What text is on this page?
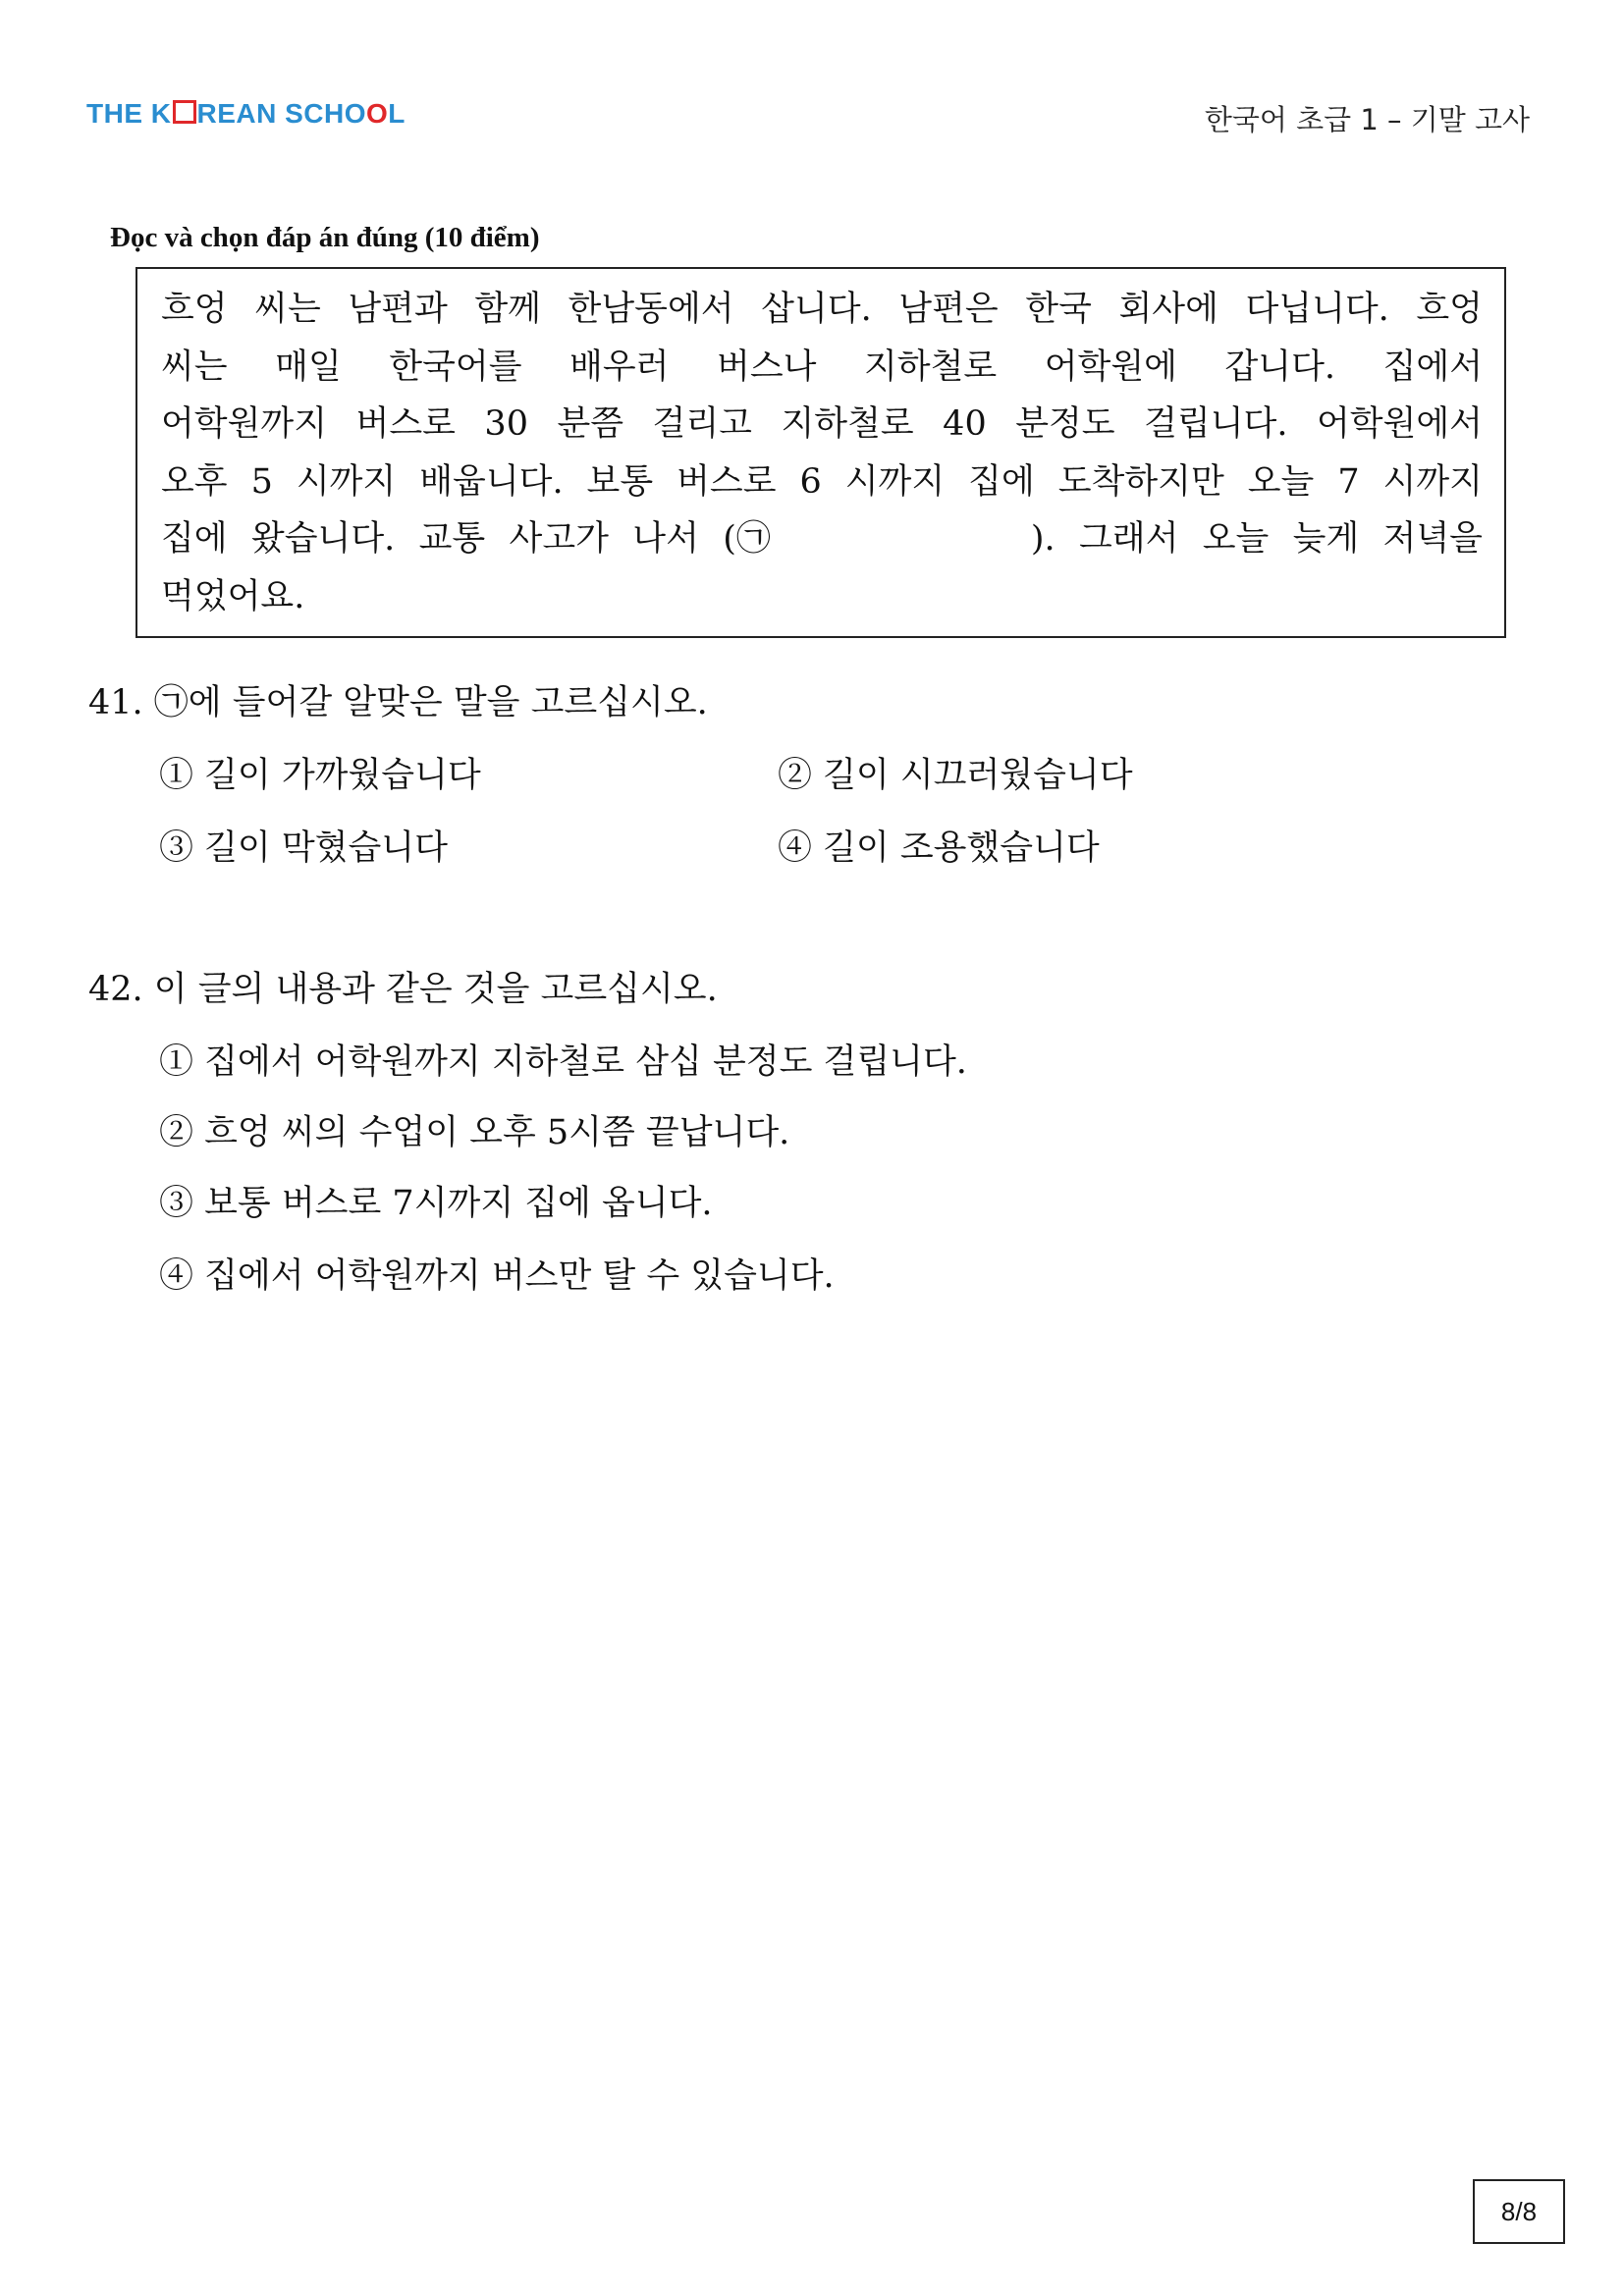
THE K REAN SCHOOL	한국어 초급 1 – 기말 고사
Đọc và chọn đáp án đúng (10 điểm)

흐엉 씨는 남편과 함께 한남동에서 삽니다. 남편은 한국 회사에 다닙니다. 흐엉
씨는 매일 한국어를 배우러 버스나 지하철로 어학원에 갑니다. 집에서
어학원까지 버스로 30 분쯤 걸리고 지하철로 40 분정도 걸립니다. 어학원에서
오후 5 시까지 배웁니다. 보통 버스로 6 시까지 집에 도착하지만 오늘 7 시까지
집에 왔습니다. 교통 사고가 나서 (㉠	). 그래서 오늘 늦게 저녁을
먹었어요.

41. ㉠에 들어갈 알맞은 말을 고르십시오.
① 길이 가까웠습니다	② 길이 시끄러웠습니다
③ 길이 막혔습니다	④ 길이 조용했습니다
42. 이 글의 내용과 같은 것을 고르십시오.
① 집에서 어학원까지 지하철로 삼십 분정도 걸립니다.
② 흐엉 씨의 수업이 오후 5시쯤 끝납니다.
③ 보통 버스로 7시까지 집에 옵니다.
④ 집에서 어학원까지 버스만 탈 수 있습니다.
8/8
